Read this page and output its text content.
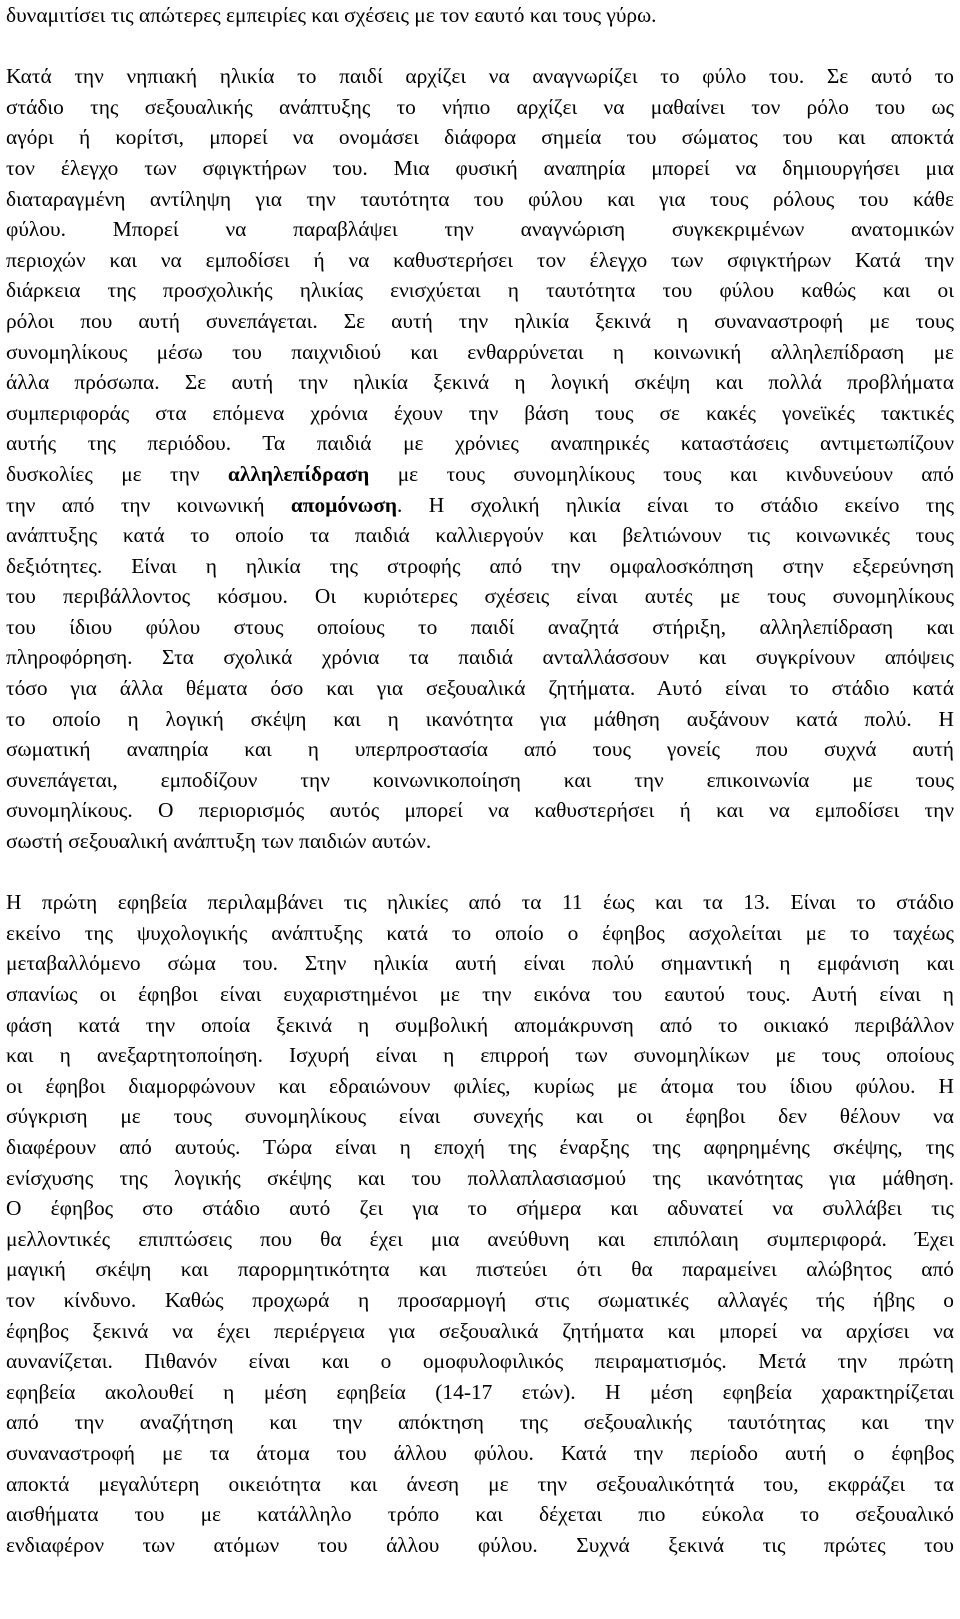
δυναμιτίσει τις απώτερες εμπειρίες και σχέσεις με τον εαυτό και τους γύρω.
Κατά την νηπιακή ηλικία το παιδί αρχίζει να αναγνωρίζει το φύλο του. Σε αυτό το
στάδιο της σεξουαλικής ανάπτυξης το νήπιο αρχίζει να μαθαίνει τον ρόλο του ως
αγόρι ή κορίτσι, μπορεί να ονομάσει διάφορα σημεία του σώματος του και αποκτά
τον έλεγχο των σφιγκτήρων του. Μια φυσική αναπηρία μπορεί να δημιουργήσει μια
διαταραγμένη αντίληψη για την ταυτότητα του φύλου και για τους ρόλους του κάθε
φύλου. Μπορεί να παραβλάψει την αναγνώριση συγκεκριμένων ανατομικών
περιοχών και να εμποδίσει ή να καθυστερήσει τον έλεγχο των σφιγκτήρων Κατά την
διάρκεια της προσχολικής ηλικίας ενισχύεται η ταυτότητα του φύλου καθώς και οι
ρόλοι που αυτή συνεπάγεται. Σε αυτή την ηλικία ξεκινά η συναναστροφή με τους
συνομηλίκους μέσω του παιχνιδιού και ενθαρρύνεται η κοινωνική αλληλεπίδραση με
άλλα πρόσωπα. Σε αυτή την ηλικία ξεκινά η λογική σκέψη και πολλά προβλήματα
συμπεριφοράς στα επόμενα χρόνια έχουν την βάση τους σε κακές γονεϊκές τακτικές
αυτής της περιόδου. Τα παιδιά με χρόνιες αναπηρικές καταστάσεις αντιμετωπίζουν
δυσκολίες με την αλληλεπίδραση με τους συνομηλίκους τους και κινδυνεύουν από
την από την κοινωνική απομόνωση. Η σχολική ηλικία είναι το στάδιο εκείνο της
ανάπτυξης κατά το οποίο τα παιδιά καλλιεργούν και βελτιώνουν τις κοινωνικές τους
δεξιότητες. Είναι η ηλικία της στροφής από την ομφαλοσκόπηση στην εξερεύνηση
του περιβάλλοντος κόσμου. Οι κυριότερες σχέσεις είναι αυτές με τους συνομηλίκους
του ίδιου φύλου στους οποίους το παιδί αναζητά στήριξη, αλληλεπίδραση και
πληροφόρηση. Στα σχολικά χρόνια τα παιδιά ανταλλάσσουν και συγκρίνουν απόψεις
τόσο για άλλα θέματα όσο και για σεξουαλικά ζητήματα. Αυτό είναι το στάδιο κατά
το οποίο η λογική σκέψη και η ικανότητα για μάθηση αυξάνουν κατά πολύ. Η
σωματική αναπηρία και η υπερπροστασία από τους γονείς που συχνά αυτή
συνεπάγεται, εμποδίζουν την κοινωνικοποίηση και την επικοινωνία με τους
συνομηλίκους. Ο περιορισμός αυτός μπορεί να καθυστερήσει ή και να εμποδίσει την
σωστή σεξουαλική ανάπτυξη των παιδιών αυτών.
Η πρώτη εφηβεία περιλαμβάνει τις ηλικίες από τα 11 έως και τα 13. Είναι το στάδιο
εκείνο της ψυχολογικής ανάπτυξης κατά το οποίο ο έφηβος ασχολείται με το ταχέως
μεταβαλλόμενο σώμα του. Στην ηλικία αυτή είναι πολύ σημαντική η εμφάνιση και
σπανίως οι έφηβοι είναι ευχαριστημένοι με την εικόνα του εαυτού τους. Αυτή είναι η
φάση κατά την οποία ξεκινά η συμβολική απομάκρυνση από το οικιακό περιβάλλον
και η ανεξαρτητοποίηση. Ισχυρή είναι η επιρροή των συνομηλίκων με τους οποίους
οι έφηβοι διαμορφώνουν και εδραιώνουν φιλίες, κυρίως με άτομα του ίδιου φύλου. Η
σύγκριση με τους συνομηλίκους είναι συνεχής και οι έφηβοι δεν θέλουν να
διαφέρουν από αυτούς. Τώρα είναι η εποχή της έναρξης της αφηρημένης σκέψης, της
ενίσχυσης της λογικής σκέψης και του πολλαπλασιασμού της ικανότητας για μάθηση.
Ο έφηβος στο στάδιο αυτό ζει για το σήμερα και αδυνατεί να συλλάβει τις
μελλοντικές επιπτώσεις που θα έχει μια ανεύθυνη και επιπόλαιη συμπεριφορά. Έχει
μαγική σκέψη και παρορμητικότητα και πιστεύει ότι θα παραμείνει αλώβητος από
τον κίνδυνο. Καθώς προχωρά η προσαρμογή στις σωματικές αλλαγές τής ήβης ο
έφηβος ξεκινά να έχει περιέργεια για σεξουαλικά ζητήματα και μπορεί να αρχίσει να
αυνανίζεται. Πιθανόν είναι και ο ομοφυλοφιλικός πειραματισμός. Μετά την πρώτη
εφηβεία ακολουθεί η μέση εφηβεία (14-17 ετών). Η μέση εφηβεία χαρακτηρίζεται
από την αναζήτηση και την απόκτηση της σεξουαλικής ταυτότητας και την
συναναστροφή με τα άτομα του άλλου φύλου. Κατά την περίοδο αυτή ο έφηβος
αποκτά μεγαλύτερη οικειότητα και άνεση με την σεξουαλικότητά του, εκφράζει τα
αισθήματα του με κατάλληλο τρόπο και δέχεται πιο εύκολα το σεξουαλικό
ενδιαφέρον των ατόμων του άλλου φύλου. Συχνά ξεκινά τις πρώτες του
